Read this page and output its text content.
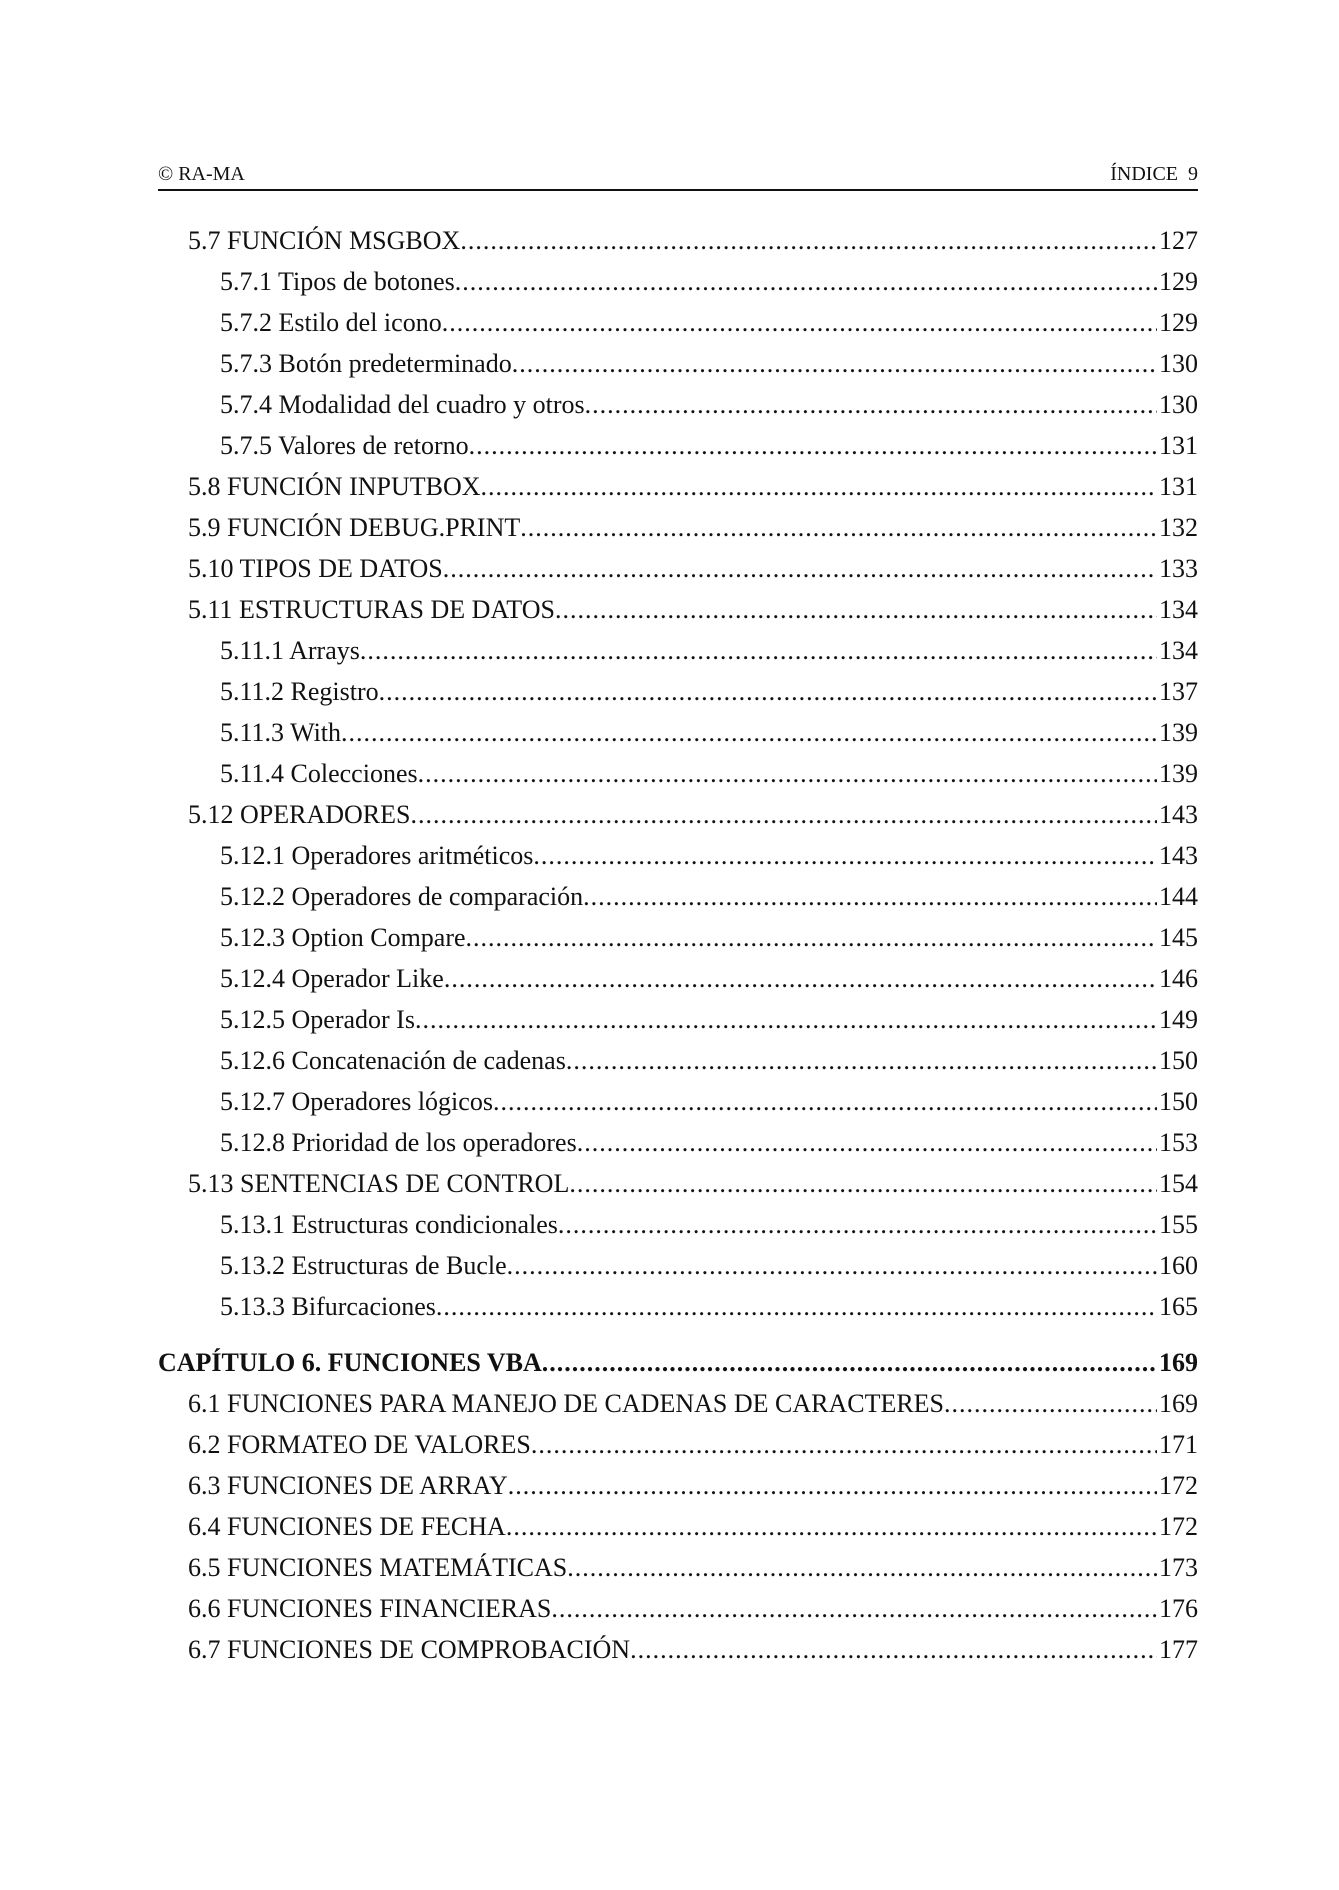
© RA-MA	ÍNDICE  9
5.7 FUNCIÓN MSGBOX .....	127
5.7.1 Tipos de botones .....	129
5.7.2 Estilo del icono .....	129
5.7.3 Botón predeterminado .....	130
5.7.4 Modalidad del cuadro y otros .....	130
5.7.5 Valores de retorno .....	131
5.8 FUNCIÓN INPUTBOX .....	131
5.9 FUNCIÓN DEBUG.PRINT .....	132
5.10 TIPOS DE DATOS .....	133
5.11 ESTRUCTURAS DE DATOS .....	134
5.11.1 Arrays .....	134
5.11.2 Registro .....	137
5.11.3 With .....	139
5.11.4 Colecciones .....	139
5.12 OPERADORES .....	143
5.12.1 Operadores aritméticos .....	143
5.12.2 Operadores de comparación .....	144
5.12.3 Option Compare .....	145
5.12.4 Operador Like .....	146
5.12.5 Operador Is .....	149
5.12.6 Concatenación de cadenas .....	150
5.12.7 Operadores lógicos .....	150
5.12.8 Prioridad de los operadores .....	153
5.13 SENTENCIAS DE CONTROL .....	154
5.13.1 Estructuras condicionales .....	155
5.13.2 Estructuras de Bucle .....	160
5.13.3 Bifurcaciones .....	165
CAPÍTULO 6. FUNCIONES VBA .....	169
6.1 FUNCIONES PARA MANEJO DE CADENAS DE CARACTERES .....	169
6.2 FORMATEO DE VALORES .....	171
6.3 FUNCIONES DE ARRAY .....	172
6.4 FUNCIONES DE FECHA .....	172
6.5 FUNCIONES MATEMÁTICAS .....	173
6.6 FUNCIONES FINANCIERAS .....	176
6.7 FUNCIONES DE COMPROBACIÓN .....	177
